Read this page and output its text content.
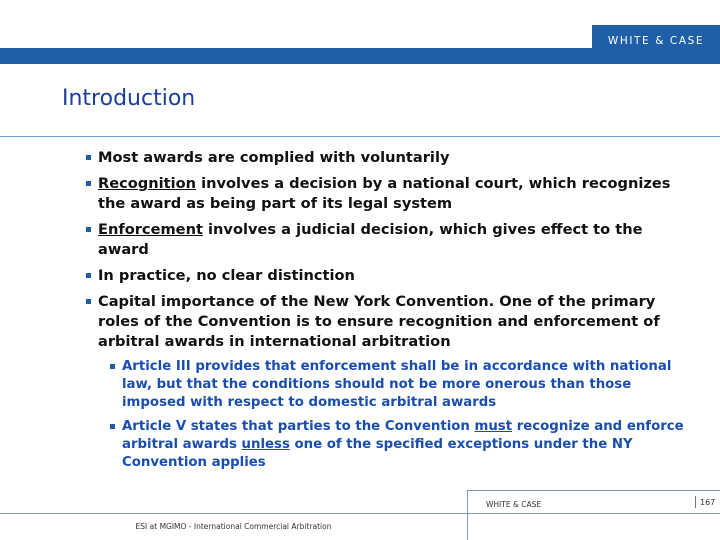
WHITE & CASE
Introduction
Most awards are complied with voluntarily
Recognition involves a decision by a national court, which recognizes the award as being part of its legal system
Enforcement involves a judicial decision, which gives effect to the award
In practice, no clear distinction
Capital importance of the New York Convention. One of the primary roles of the Convention is to ensure recognition and enforcement of arbitral awards in international arbitration
Article III provides that enforcement shall be in accordance with national law, but that the conditions should not be more onerous than those imposed with respect to domestic arbitral awards
Article V states that parties to the Convention must recognize and enforce arbitral awards unless one of the specified exceptions under the NY Convention applies
WHITE & CASE	167
ESI at MGIMO - International Commercial Arbitration
